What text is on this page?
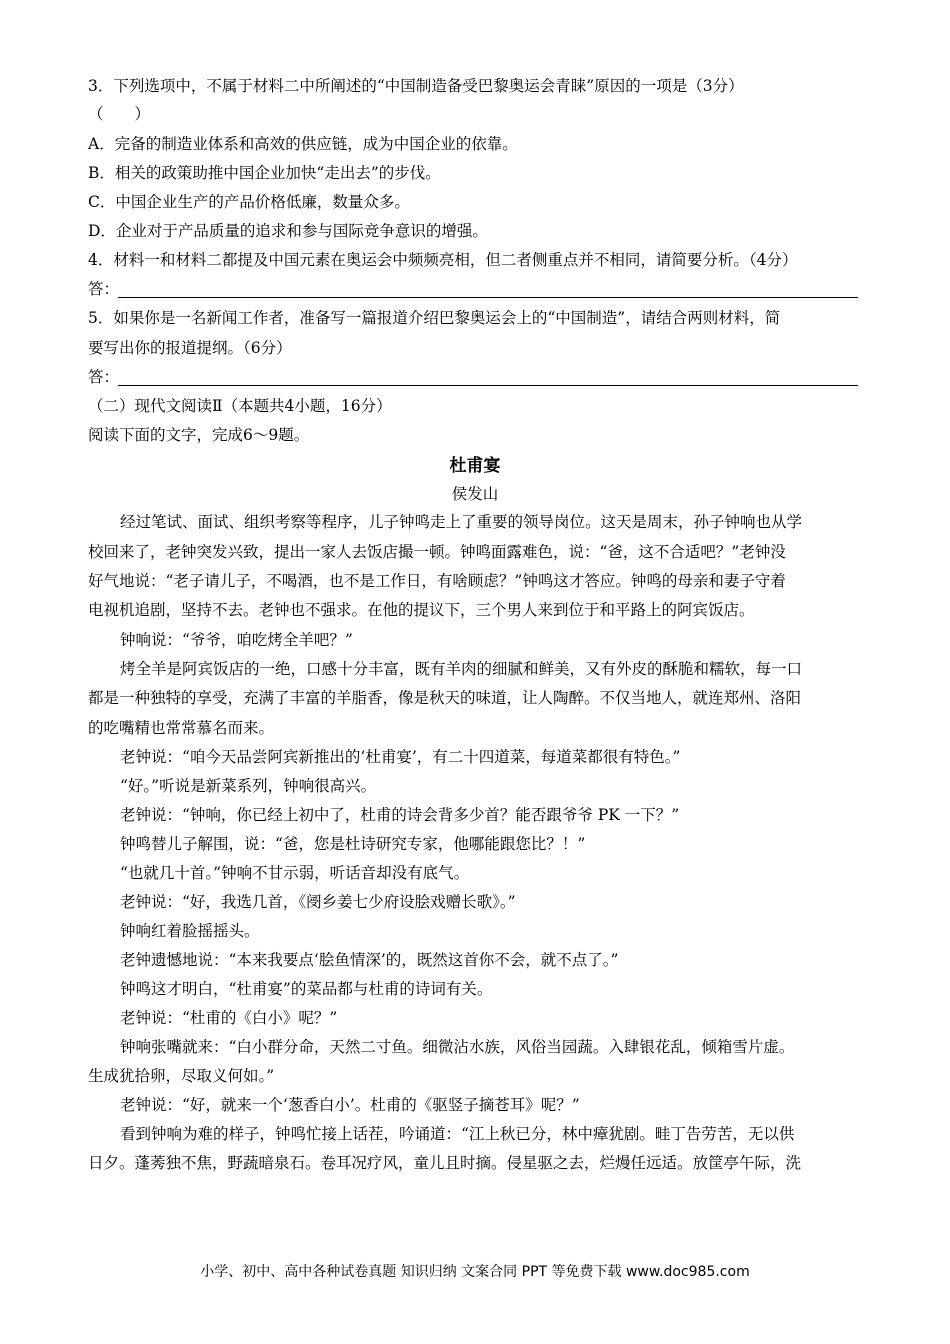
3．下列选项中，不属于材料二中所阐述的“中国制造备受巴黎奥运会青睐”原因的一项是（3分）
（　　）
A．完备的制造业体系和高效的供应链，成为中国企业的依靠。
B．相关的政策助推中国企业加快“走出去”的步伐。
C．中国企业生产的产品价格低廉，数量众多。
D．企业对于产品质量的追求和参与国际竞争意识的增强。
4．材料一和材料二都提及中国元素在奥运会中频频亮相，但二者侧重点并不相同，请简要分析。（4分）
答：
5．如果你是一名新闻工作者，准备写一篇报道介绍巴黎奥运会上的“中国制造”，请结合两则材料，简
要写出你的报道提纲。（6分）
答：
（二）现代文阅读Ⅱ（本题共4小题，16分）
阅读下面的文字，完成6～9题。
杜甫宴
侯发山
经过笔试、面试、组织考察等程序，儿子钟鸣走上了重要的领导岗位。这天是周末，孙子钟响也从学
校回来了，老钟突发兴致，提出一家人去饭店撮一顿。钟鸣面露难色，说：“爸，这不合适吧？”老钟没
好气地说：“老子请儿子，不喝酒，也不是工作日，有啥顾虑？”钟鸣这才答应。钟鸣的母亲和妻子守着
电视机追剧，坚持不去。老钟也不强求。在他的提议下，三个男人来到位于和平路上的阿宾饭店。
钟响说：“爷爷，咱吃烤全羊吧？”
烤全羊是阿宾饭店的一绝，口感十分丰富，既有羊肉的细腻和鲜美，又有外皮的酥脆和糯软，每一口
都是一种独特的享受，充满了丰富的羊脂香，像是秋天的味道，让人陶醉。不仅当地人，就连郑州、洛阳
的吃嘴精也常常慕名而来。
老钟说：“咱今天品尝阿宾新推出的‘杜甫宴’，有二十四道菜，每道菜都很有特色。”
“好。”听说是新菜系列，钟响很高兴。
老钟说：“钟响，你已经上初中了，杜甫的诗会背多少首？能否跟爷爷 PK 一下？”
钟鸣替儿子解围，说：“爸，您是杜诗研究专家，他哪能跟您比？！”
“也就几十首。”钟响不甘示弱，听话音却没有底气。
老钟说：“好，我选几首，《阌乡姜七少府设脍戏赠长歌》。”
钟响红着脸摇摇头。
老钟遗憾地说：“本来我要点‘脍鱼情深’的，既然这首你不会，就不点了。”
钟鸣这才明白，“杜甫宴”的菜品都与杜甫的诗词有关。
老钟说：“杜甫的《白小》呢？”
钟响张嘴就来：“白小群分命，天然二寸鱼。细微沾水族，风俗当园蔬。入肆银花乱，倾箱雪片虚。
生成犹拾卵，尽取义何如。”
老钟说：“好，就来一个‘葱香白小’。杜甫的《驱竖子摘苍耳》呢？”
看到钟响为难的样子，钟鸣忙接上话茬，吟诵道：“江上秋已分，林中瘴犹剧。畦丁告劳苦，无以供
日夕。蓬莠独不焦，野蔬暗泉石。卷耳况疗风，童儿且时摘。侵星驱之去，烂熳任远适。放筐亭午际，洗
小学、初中、高中各种试卷真题 知识归纳 文案合同 PPT 等免费下载 www.doc985.com
